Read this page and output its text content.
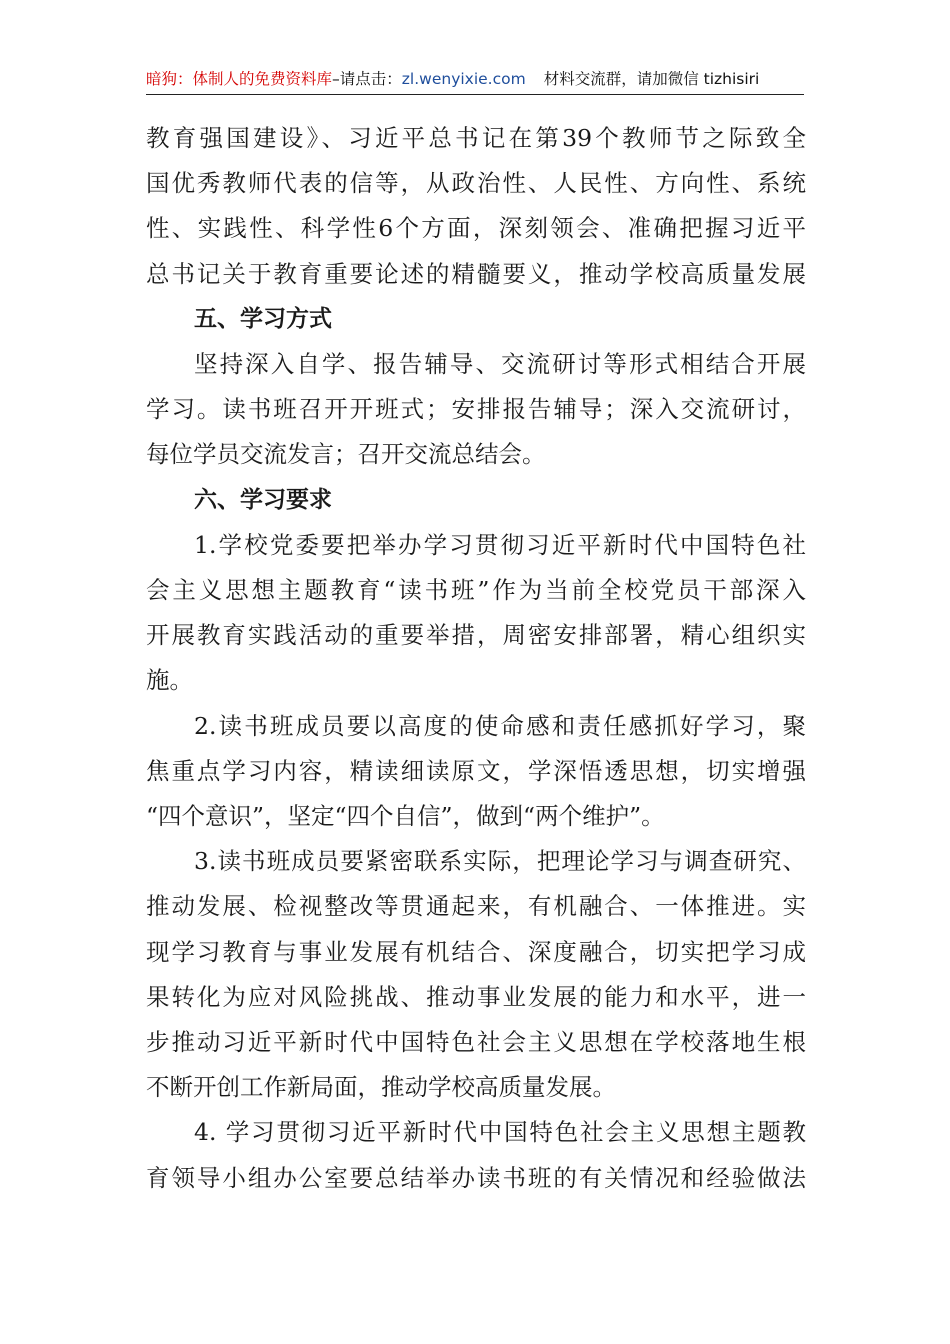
暗狗：体制人的免费资料库–请点击：zl.wenyixie.com 材料交流群，请加微信 tizhisiri
教育强国建设》、习近平总书记在第39个教师节之际致全
国优秀教师代表的信等，从政治性、人民性、方向性、系统
性、实践性、科学性6个方面，深刻领会、准确把握习近平
总书记关于教育重要论述的精髓要义，推动学校高质量发展
五、学习方式
坚持深入自学、报告辅导、交流研讨等形式相结合开展
学习。读书班召开开班式；安排报告辅导；深入交流研讨，
每位学员交流发言；召开交流总结会。
六、学习要求
1.学校党委要把举办学习贯彻习近平新时代中国特色社
会主义思想主题教育“读书班”作为当前全校党员干部深入
开展教育实践活动的重要举措，周密安排部署，精心组织实
施。
2.读书班成员要以高度的使命感和责任感抓好学习，聚
焦重点学习内容，精读细读原文，学深悟透思想，切实增强
“四个意识”，坚定“四个自信”，做到“两个维护”。
3.读书班成员要紧密联系实际，把理论学习与调查研究、
推动发展、检视整改等贯通起来，有机融合、一体推进。实
现学习教育与事业发展有机结合、深度融合，切实把学习成
果转化为应对风险挑战、推动事业发展的能力和水平，进一
步推动习近平新时代中国特色社会主义思想在学校落地生根
不断开创工作新局面，推动学校高质量发展。
4. 学习贯彻习近平新时代中国特色社会主义思想主题教
育领导小组办公室要总结举办读书班的有关情况和经验做法
